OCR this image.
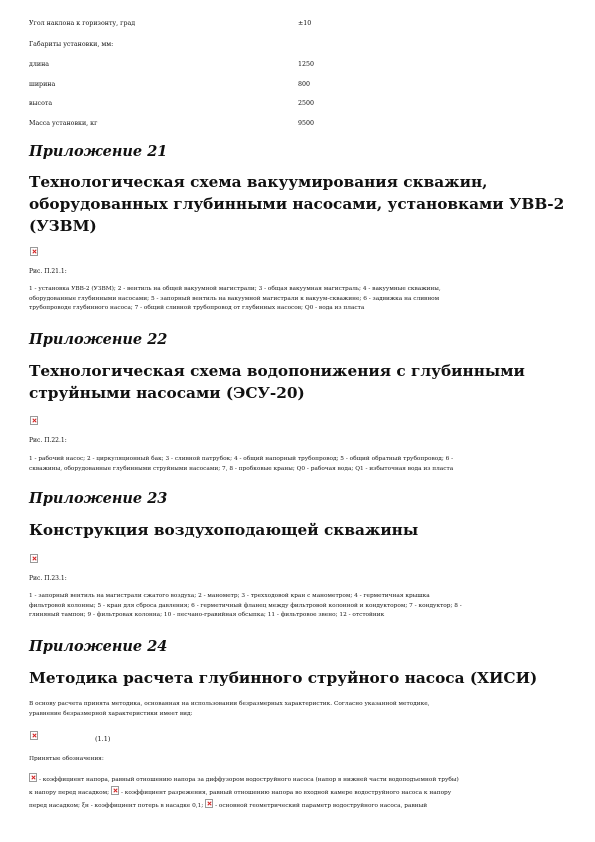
Угол наклона к горизонту, град	±10
Габариты установки, мм:
длина	1250
ширина	800
высота	2500
Масса установки, кг	9500
Приложение 21
Технологическая схема вакуумирования скважин, оборудованных глубинными насосами, установками УВВ-2 (УЗВМ)
Рис. П.21.1:
1 - установка УВВ-2 (УЗВМ); 2 - вентиль на общей вакуумной магистрали; 3 - общая вакуумная магистраль; 4 - вакуумные скважины,
оборудованные глубинными насосами; 5 - запорный вентиль на вакуумной магистрали к вакуум-скважине; 6 - задвижка на сливном
трубопроводе глубинного насоса; 7 - общий сливной трубопровод от глубинных насосов; Q0 - вода из пласта
Приложение 22
Технологическая схема водопонижения с глубинными струйными насосами (ЭСУ-20)
Рис. П.22.1:
1 - рабочий насос; 2 - циркуляционный бак; 3 - сливной патрубок; 4 - общий напорный трубопровод; 5 - общий обратный трубопровод; 6 -
скважины, оборудованные глубинными струйными насосами; 7, 8 - пробковые краны; Q0 - рабочая вода; Q1 - избыточная вода из пласта
Приложение 23
Конструкция воздухоподающей скважины
Рис. П.23.1:
1 - запорный вентиль на магистрали сжатого воздуха; 2 - манометр; 3 - трехходовой кран с манометром; 4 - герметичная крышка
фильтровой колонны; 5 - кран для сброса давления; 6 - герметичный фланец между фильтровой колонной и кондуктором; 7 - кондуктор; 8 -
глиняный тампон; 9 - фильтровая колонна; 10 - песчано-гравийная обсыпка; 11 - фильтровое звено; 12 - отстойник
Приложение 24
Методика расчета глубинного струйного насоса (ХИСИ)
В основу расчета принята методика, основанная на использовании безразмерных характеристик. Согласно указанной методике,
уравнение безразмерной характеристики имеет вид:
(1.1)
Принятые обозначения:
- коэффициент напора, равный отношению напора за диффузором водоструйного насоса (напор в нижней части водоподъемной трубы)
к напору перед насадком; - коэффициент разрежения, равный отношению напора во входной камере водоструйного насоса к напору
перед насадком; ξн - коэффициент потерь в насадке 0,1; - основной геометрический параметр водоструйного насоса, равный
